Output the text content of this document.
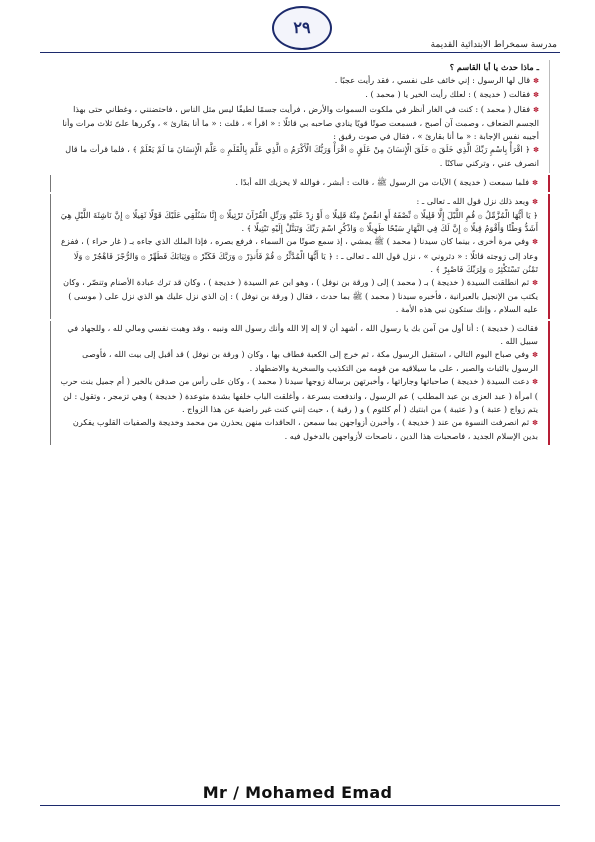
٢٩
مدرسة سمخراط الابتدائية القديمة

ـ ماذا حدث يا أبا القاسم ؟

✽قال لها الرسول : إني خائف على نفسي ، فقد رأيت عجبًا .

✽فقالت ( خديجة ) : لعلك رأيت الخير يا ( محمد ) .

✽فقال ( محمد ) : كنت في الغار أنظر في ملكوت السموات والأرض ، فرأيت جسمًا لطيفًا ليس مثل الناس ، فاحتضنني ، وغطاني حتى بهذا الجسم الضعاف ، وصمت آن أصبح ، فسمعت صوتًا قويًا ينادي صاحبه بي قائلًا : « اقرأ » ، قلت : « ما أنا بقارئ » ، وكررها علىّ ثلاث مرات وأنا أجيبه نفس الإجابة : « ما أنا بقارئ » ، فقال في صوت رقيق :

✽﴿ اقْرَأْ بِاسْمِ رَبِّكَ الَّذِي خَلَقَ ۞ خَلَقَ الْإِنسَانَ مِنْ عَلَقٍ ۞ اقْرَأْ وَرَبُّكَ الْأَكْرَمُ ۞ الَّذِي عَلَّمَ بِالْقَلَمِ ۞ عَلَّمَ الْإِنسَانَ مَا لَمْ يَعْلَمْ ﴾ ، فلما قرأت ما قال انصرف عني ، وتركني ساكنًا .

✽فلما سمعت ( خديجة ) الآيات من الرسول ﷺ ، قالت : أبشر ، فوالله لا يخزيك الله أبدًا .

✽وبعد ذلك نزل قول الله ـ تعالى ـ :

﴿ يَا أَيُّهَا الْمُزَّمِّلُ ۞ قُمِ اللَّيْلَ إِلَّا قَلِيلًا ۞ نِّصْفَهُ أَوِ انقُصْ مِنْهُ قَلِيلًا ۞ أَوْ زِدْ عَلَيْهِ وَرَتِّلِ الْقُرْآنَ تَرْتِيلًا ۞ إِنَّا سَنُلْقِي عَلَيْكَ قَوْلًا ثَقِيلًا ۞ إِنَّ نَاشِئَةَ اللَّيْلِ هِيَ أَشَدُّ وَطْئًا وَأَقْوَمُ قِيلًا ۞ إِنَّ لَكَ فِي النَّهَارِ سَبْحًا طَوِيلًا ۞ وَاذْكُرِ اسْمَ رَبِّكَ وَتَبَتَّلْ إِلَيْهِ تَبْتِيلًا ﴾ .

✽وفي مرة أخرى ، بينما كان سيدنا ( محمد ) ﷺ يمشي ، إذ سمع صوتًا من السماء ، فرفع بصره ، فإذا الملك الذي جاءه بـ ( غار حراء ) ، ففزع وعاد إلى زوجته قائلًا : « دثروني » ، نزل قول الله ـ تعالى ـ : ﴿ يَا أَيُّهَا الْمُدَّثِّرُ ۞ قُمْ فَأَنذِرْ ۞ وَرَبَّكَ فَكَبِّرْ ۞ وَثِيَابَكَ فَطَهِّرْ ۞ وَالرُّجْزَ فَاهْجُرْ ۞ وَلَا تَمْنُن تَسْتَكْثِرُ ۞ وَلِرَبِّكَ فَاصْبِرْ ﴾ .

✽ثم انطلقت السيدة ( خديجة ) بـ ( محمد ) إلى ( ورقة بن نوفل ) ، وهو ابن عم السيدة ( خديجة ) ، وكان قد ترك عبادة الأصنام وتنصّر ، وكان يكتب من الإنجيل بالعبرانية ، فأخبره سيدنا ( محمد ) ﷺ بما حدث ، فقال ( ورقة بن نوفل ) : إن الذي نزل عليك هو الذي نزل على ( موسى ) عليه السلام ، وإنك ستكون نبي هذه الأمة .

فقالت ( خديجة ) : أنا أول من آمن بك يا رسول الله ، أشهد أن لا إله إلا الله وأنك رسول الله ونبيه ، وقد وهبت نفسي ومالي لله ، وللجهاد في سبيل الله .

✽وفي صباح اليوم التالي ، استقبل الرسول مكة ، ثم خرج إلى الكعبة فطاف بها ، وكان ( ورقة بن نوفل ) قد أقبل إلى بيت الله ، فأوصى الرسول بالثبات والصبر ، على ما سيلاقيه من قومه من التكذيب والسخرية والاضطهاد .

✽دعت السيدة ( خديجة ) صاحباتها وجاراتها ، وأخبرتهن برسالة زوجها سيدنا ( محمد ) ، وكان على رأس من صدقن بالخير ( أم جميل بنت حرب ) امرأة ( عبد العزى بن عبد المطلب ) عم الرسول ، واندفعت بسرعة ، وأغلقت الباب خلفها بشدة متوعدة ( خديجة ) وهي تزمجر ، وتقول : لن يتم زواج ( عتبة ) و ( عتيبة ) من ابنتيك ( أم كلثوم ) و ( رقية ) ، حيث إنني كنت غير راضية عن هذا الزواج .

✽ثم انصرفت النسوة من عند ( خديجة ) ، وأخبرن أزواجهن بما سمعن ، الحاقدات منهن يحذرن من محمد وخديجة والصفيات القلوب يفكرن بدين الإسلام الجديد ، فاصحبات هذا الدين ، ناصحات لأزواجهن بالدخول فيه .

Mr / Mohamed Emad
